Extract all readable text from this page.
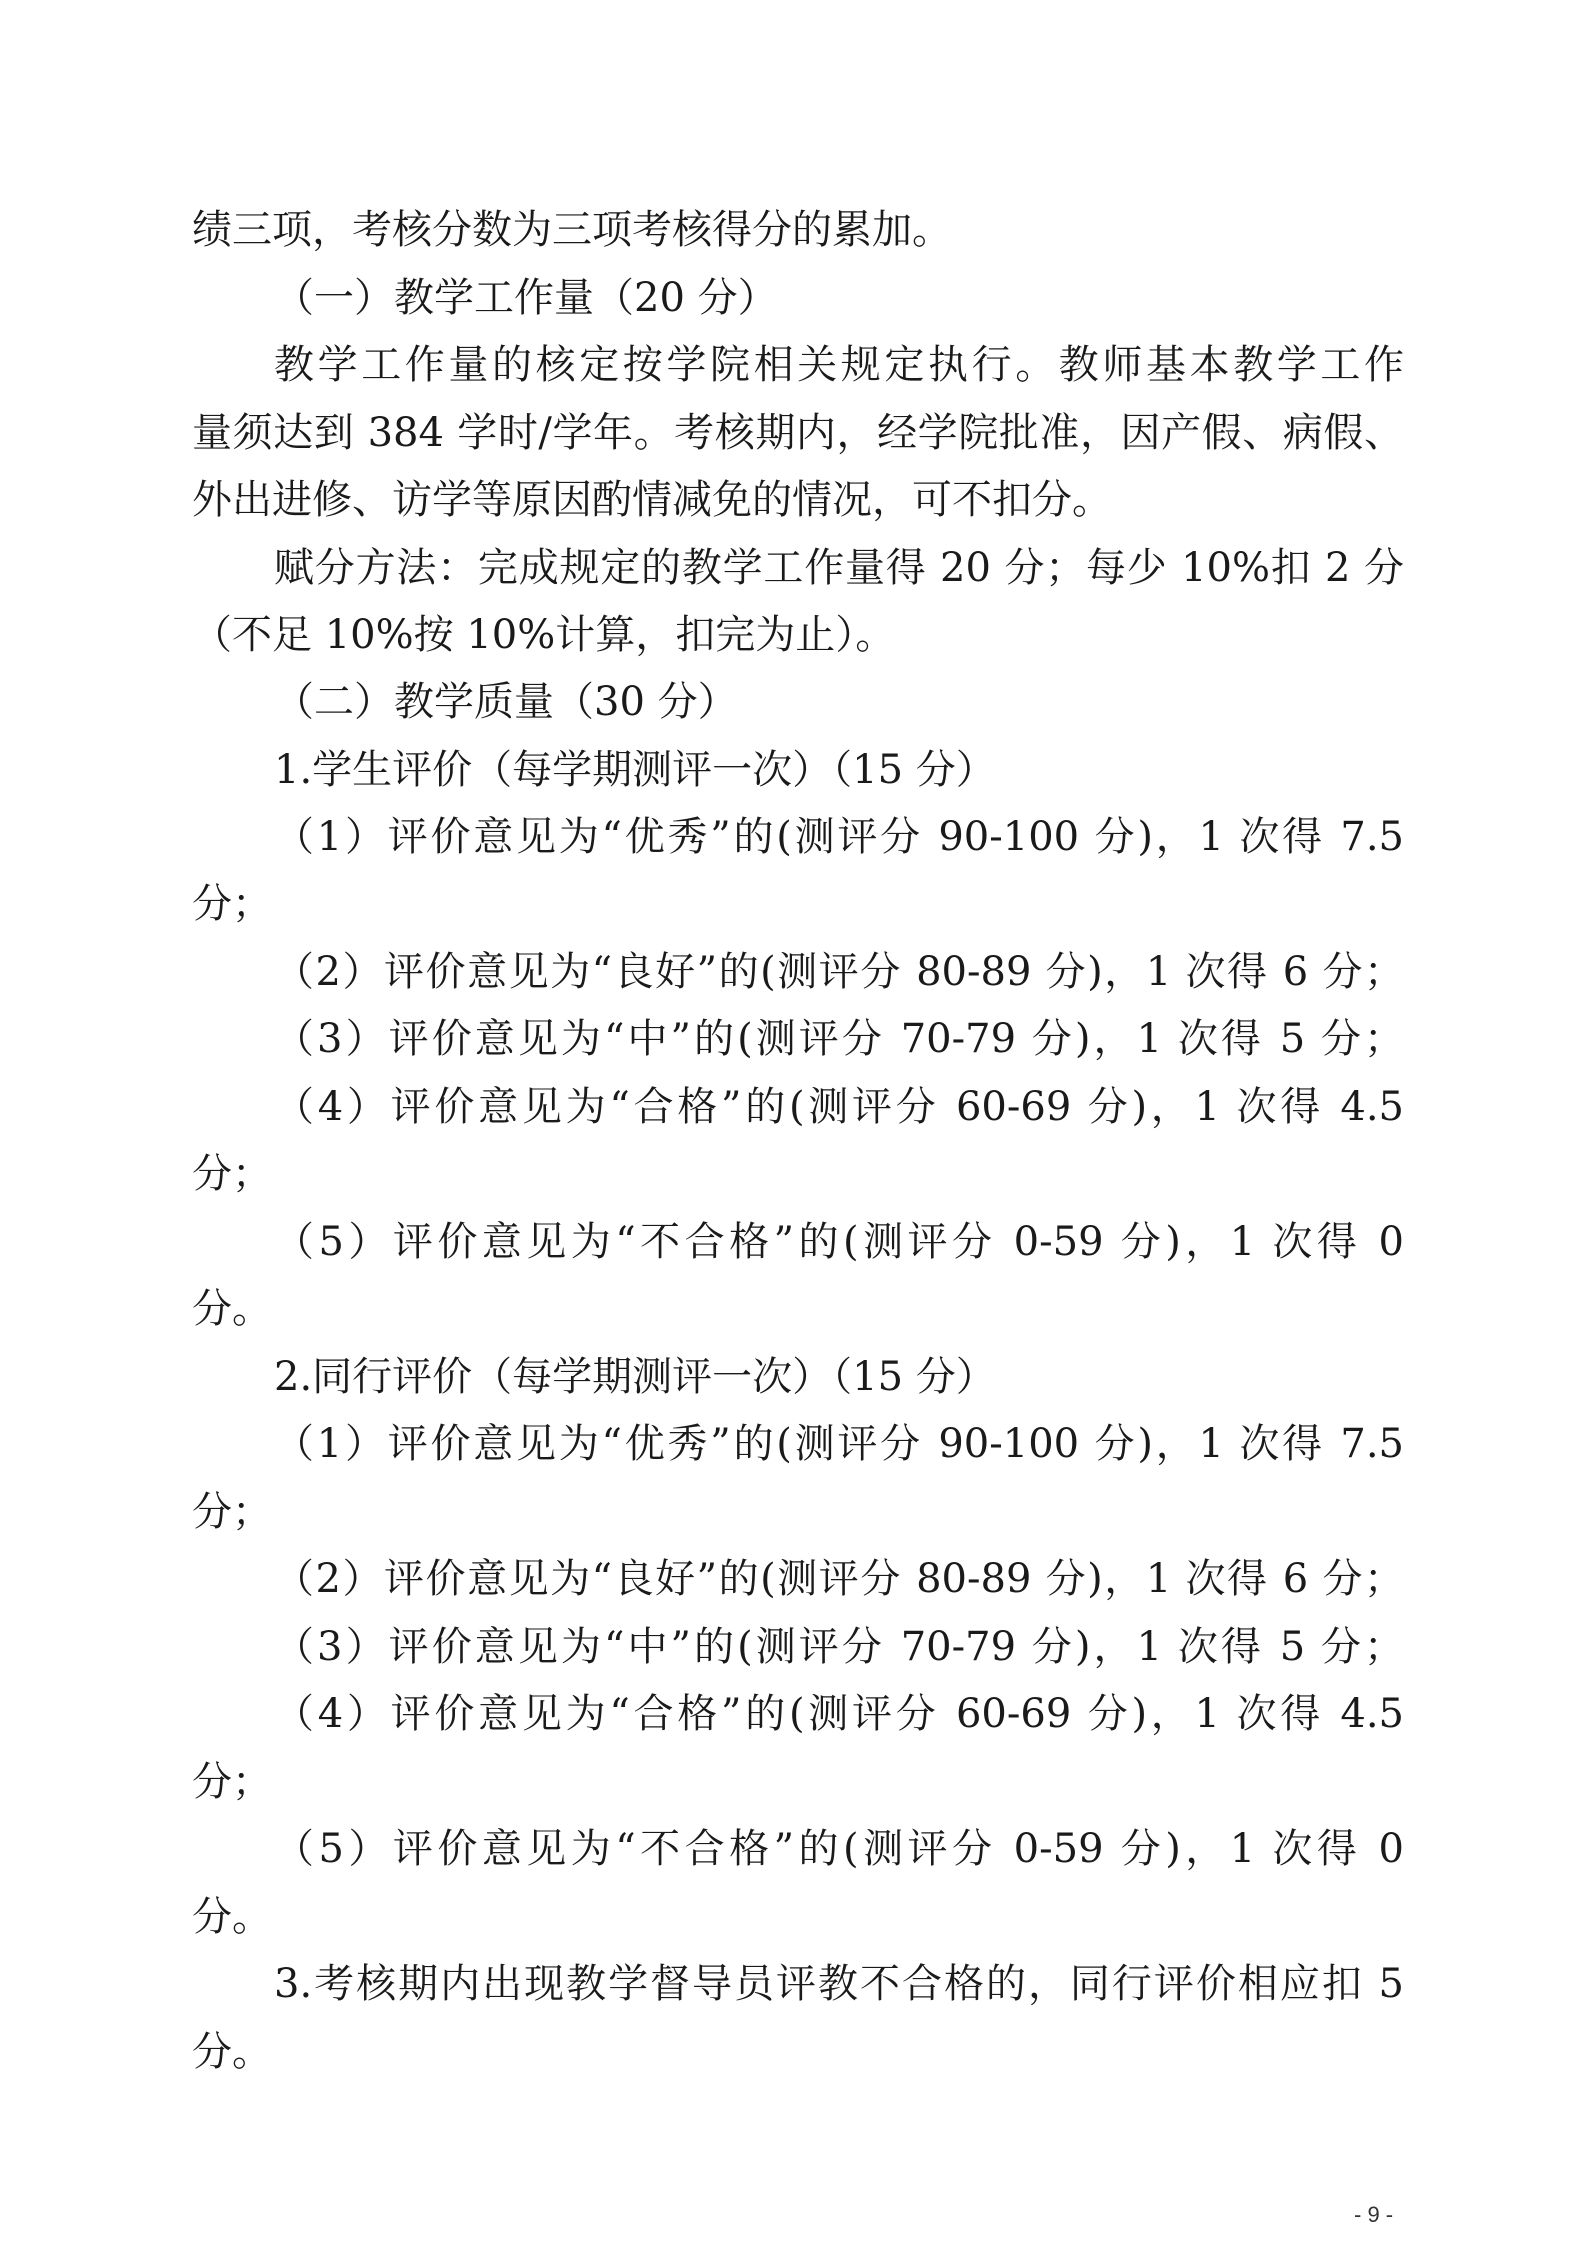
绩三项，考核分数为三项考核得分的累加。
（一）教学工作量（20 分）
教学工作量的核定按学院相关规定执行。教师基本教学工作
量须达到 384 学时/学年。考核期内，经学院批准，因产假、病假、
外出进修、访学等原因酌情减免的情况，可不扣分。
赋分方法：完成规定的教学工作量得 20 分；每少 10%扣 2 分
（不足 10%按 10%计算，扣完为止）。
（二）教学质量（30 分）
1.学生评价（每学期测评一次）（15 分）
（1）评价意见为“优秀”的(测评分 90-100 分)，1 次得 7.5
分；
（2）评价意见为“良好”的(测评分 80-89 分)，1 次得 6 分；
（3）评价意见为“中”的(测评分 70-79 分)，1 次得 5 分；
（4）评价意见为“合格”的(测评分 60-69 分)，1 次得 4.5
分；
（5）评价意见为“不合格”的(测评分 0-59 分)，1 次得 0
分。
2.同行评价（每学期测评一次）（15 分）
（1）评价意见为“优秀”的(测评分 90-100 分)，1 次得 7.5
分；
（2）评价意见为“良好”的(测评分 80-89 分)，1 次得 6 分；
（3）评价意见为“中”的(测评分 70-79 分)，1 次得 5 分；
（4）评价意见为“合格”的(测评分 60-69 分)，1 次得 4.5
分；
（5）评价意见为“不合格”的(测评分 0-59 分)，1 次得 0
分。
3.考核期内出现教学督导员评教不合格的，同行评价相应扣 5
分。
- 9 -
